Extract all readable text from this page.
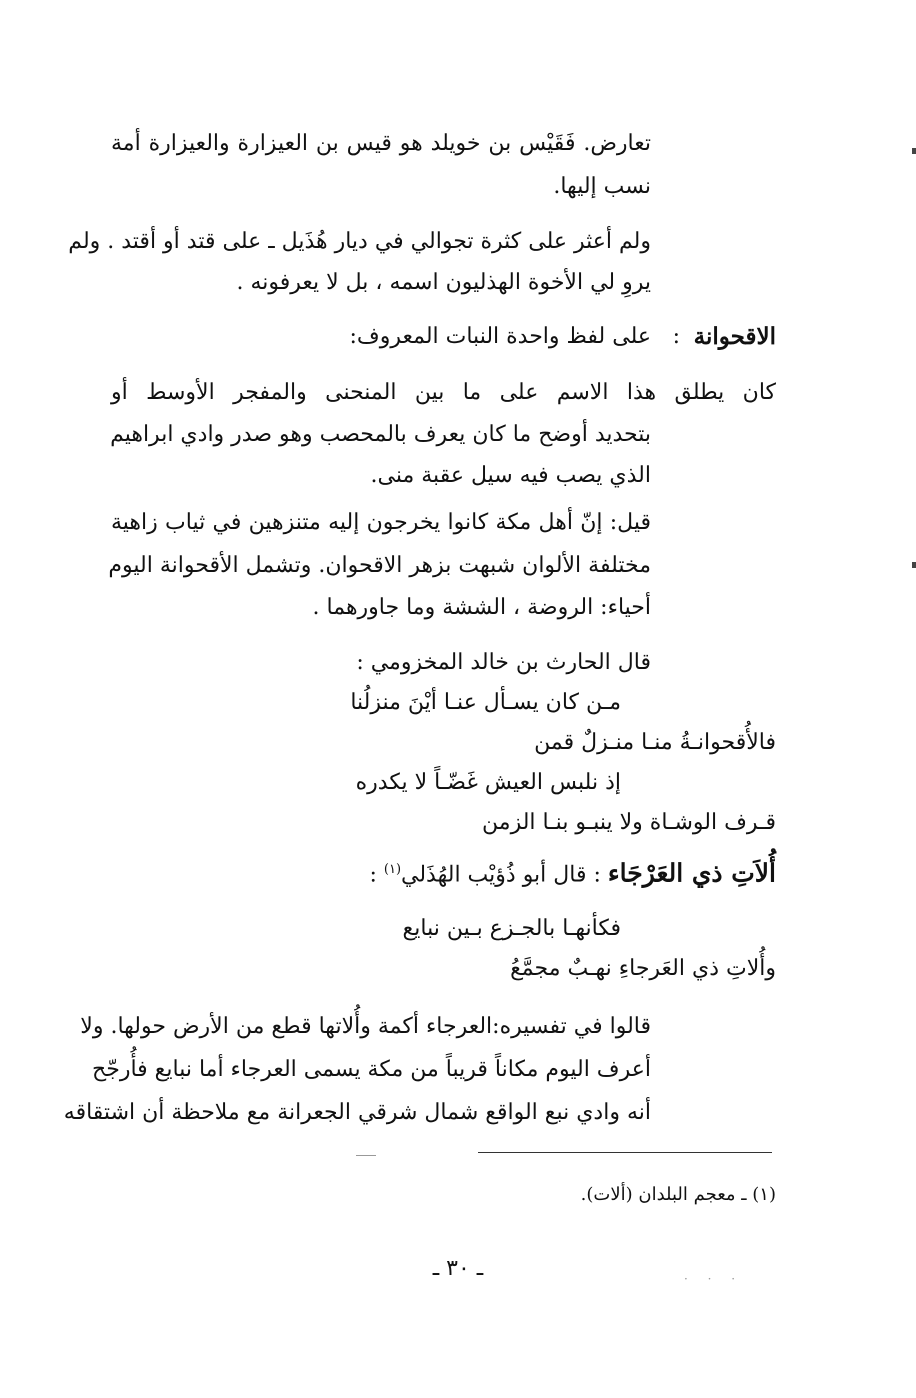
تعارض. فَقَيْس بن خويلد هو قيس بن العيزارة والعيزارة أمة
نسب إليها.
ولم أعثر على كثرة تجوالي في ديار هُذَيل ـ على قتد أو أقتد . ولم
يروِ لي الأخوة الهذليون اسمه ، بل لا يعرفونه .
الاقحوانة
:
على لفظ واحدة النبات المعروف:
كان يطلق هذا الاسم على ما بين المنحنى والمفجر الأوسط أو
بتحديد أوضح ما كان يعرف بالمحصب وهو صدر وادي ابراهيم
الذي يصب فيه سيل عقبة منى.
قيل: إنّ أهل مكة كانوا يخرجون إليه متنزهين في ثياب زاهية
مختلفة الألوان شبهت بزهر الاقحوان. وتشمل الأقحوانة اليوم
أحياء: الروضة ، الششة وما جاورهما .
قال الحارث بن خالد المخزومي :
مـن كان يسـأل عنـا أيْنَ منزلُنا
فالأُقحوانـةُ منـا منـزلٌ قمن
إذ نلبس العيش غَضّـاً لا يكدره
قـرف الوشـاة ولا ينبـو بنـا الزمن
أُلاَتِ ذي العَرْجَاء : قال أبو ذُؤيْب الهُذَلي$^{(١)}$ :
فكأنهـا بالجـزع بـين نبايع
وأُلاتِ ذي العَرجاءِ نهـبٌ مجمَّعُ
قالوا في تفسيره:العرجاء أكمة وأُلاتها قطع من الأرض حولها. ولا
أعرف اليوم مكاناً قريباً من مكة يسمى العرجاء أما نبايع فأُرجّح
أنه وادي نبع الواقع شمال شرقي الجعرانة مع ملاحظة أن اشتقاقه
(١) ـ معجم البلدان (ألات).
ـ ٣٠ ـ	· · ·
